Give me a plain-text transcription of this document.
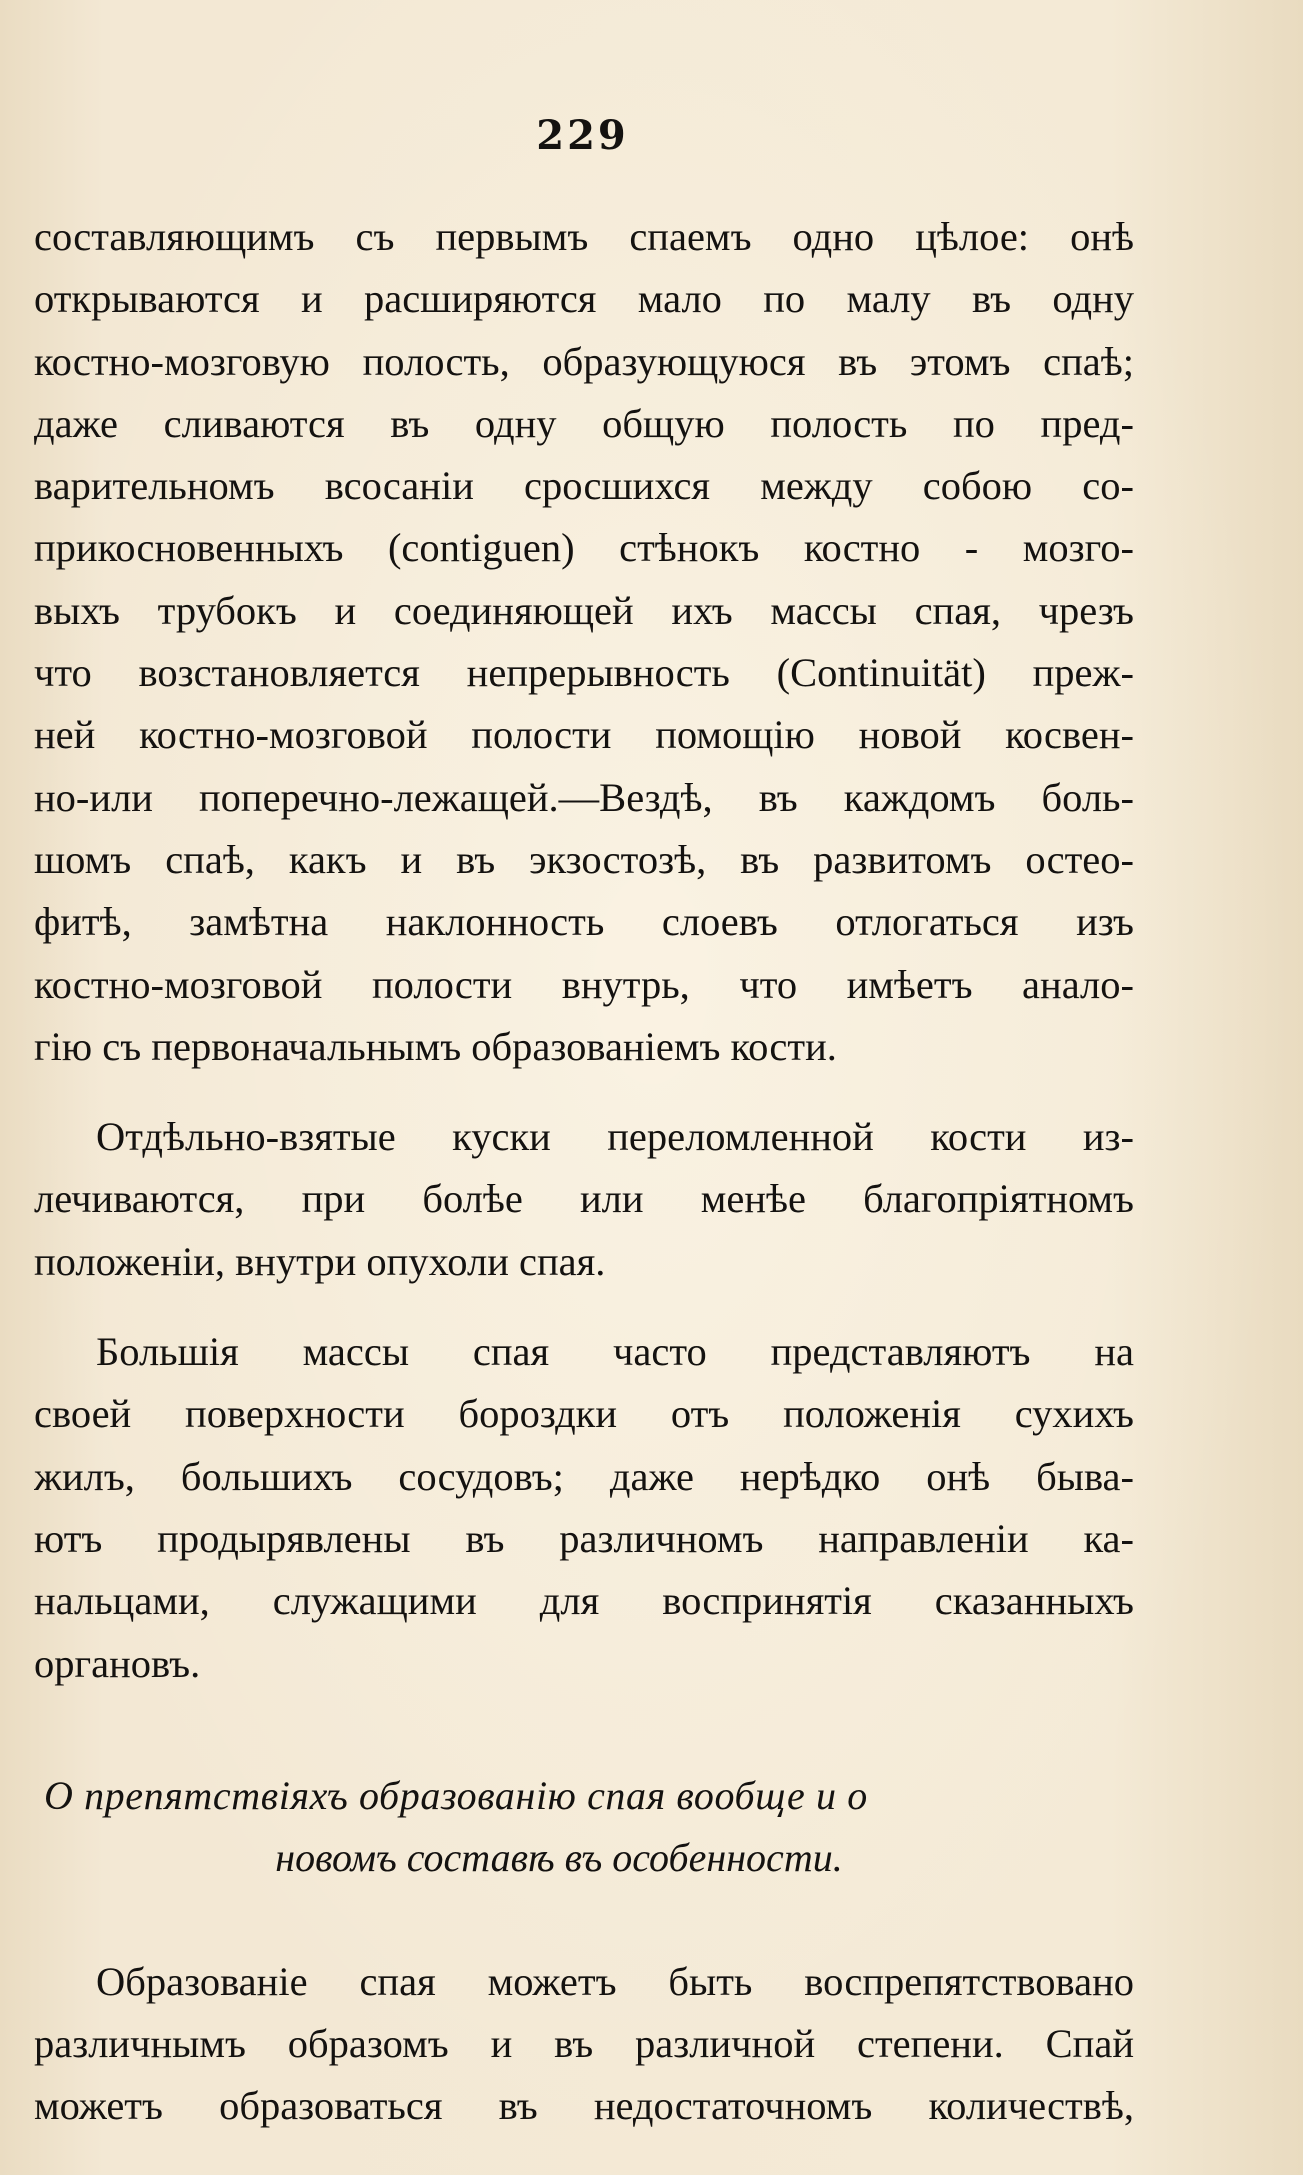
229
составляющимъ съ первымъ спаемъ одно цѣлое: онѣ
открываются и расширяются мало по малу въ одну
костно-мозговую полость, образующуюся въ этомъ спаѣ;
даже сливаются въ одну общую полость по пред-
варительномъ всосанiи сросшихся между собою со-
прикосновенныхъ (contiguen) стѣнокъ костно - мозго-
выхъ трубокъ и соединяющей ихъ массы спая, чрезъ
что возстановляется непрерывность (Continuität) преж-
ней костно-мозговой полости помощiю новой косвен-
но-или поперечно-лежащей.—Вездѣ, въ каждомъ боль-
шомъ спаѣ, какъ и въ экзостозѣ, въ развитомъ остео-
фитѣ, замѣтна наклонность слоевъ отлогаться изъ
костно-мозговой полости внутрь, что имѣетъ анало-
гiю съ первоначальнымъ образованiемъ кости.
Отдѣльно-взятые куски переломленной кости из-
лечиваются, при болѣе или менѣе благопрiятномъ
положенiи, внутри опухоли спая.
Большiя массы спая часто представляютъ на
своей поверхности бороздки отъ положенiя сухихъ
жилъ, большихъ сосудовъ; даже нерѣдко онѣ быва-
ютъ продырявлены въ различномъ направленiи ка-
нальцами, служащими для воспринятiя сказанныхъ
органовъ.
О препятствiяхъ образованiю спая вообще и о
новомъ составѣ въ особенности.
Образованiе спая можетъ быть воспрепятствовано
различнымъ образомъ и въ различной степени. Спай
можетъ образоваться въ недостаточномъ количествѣ,
